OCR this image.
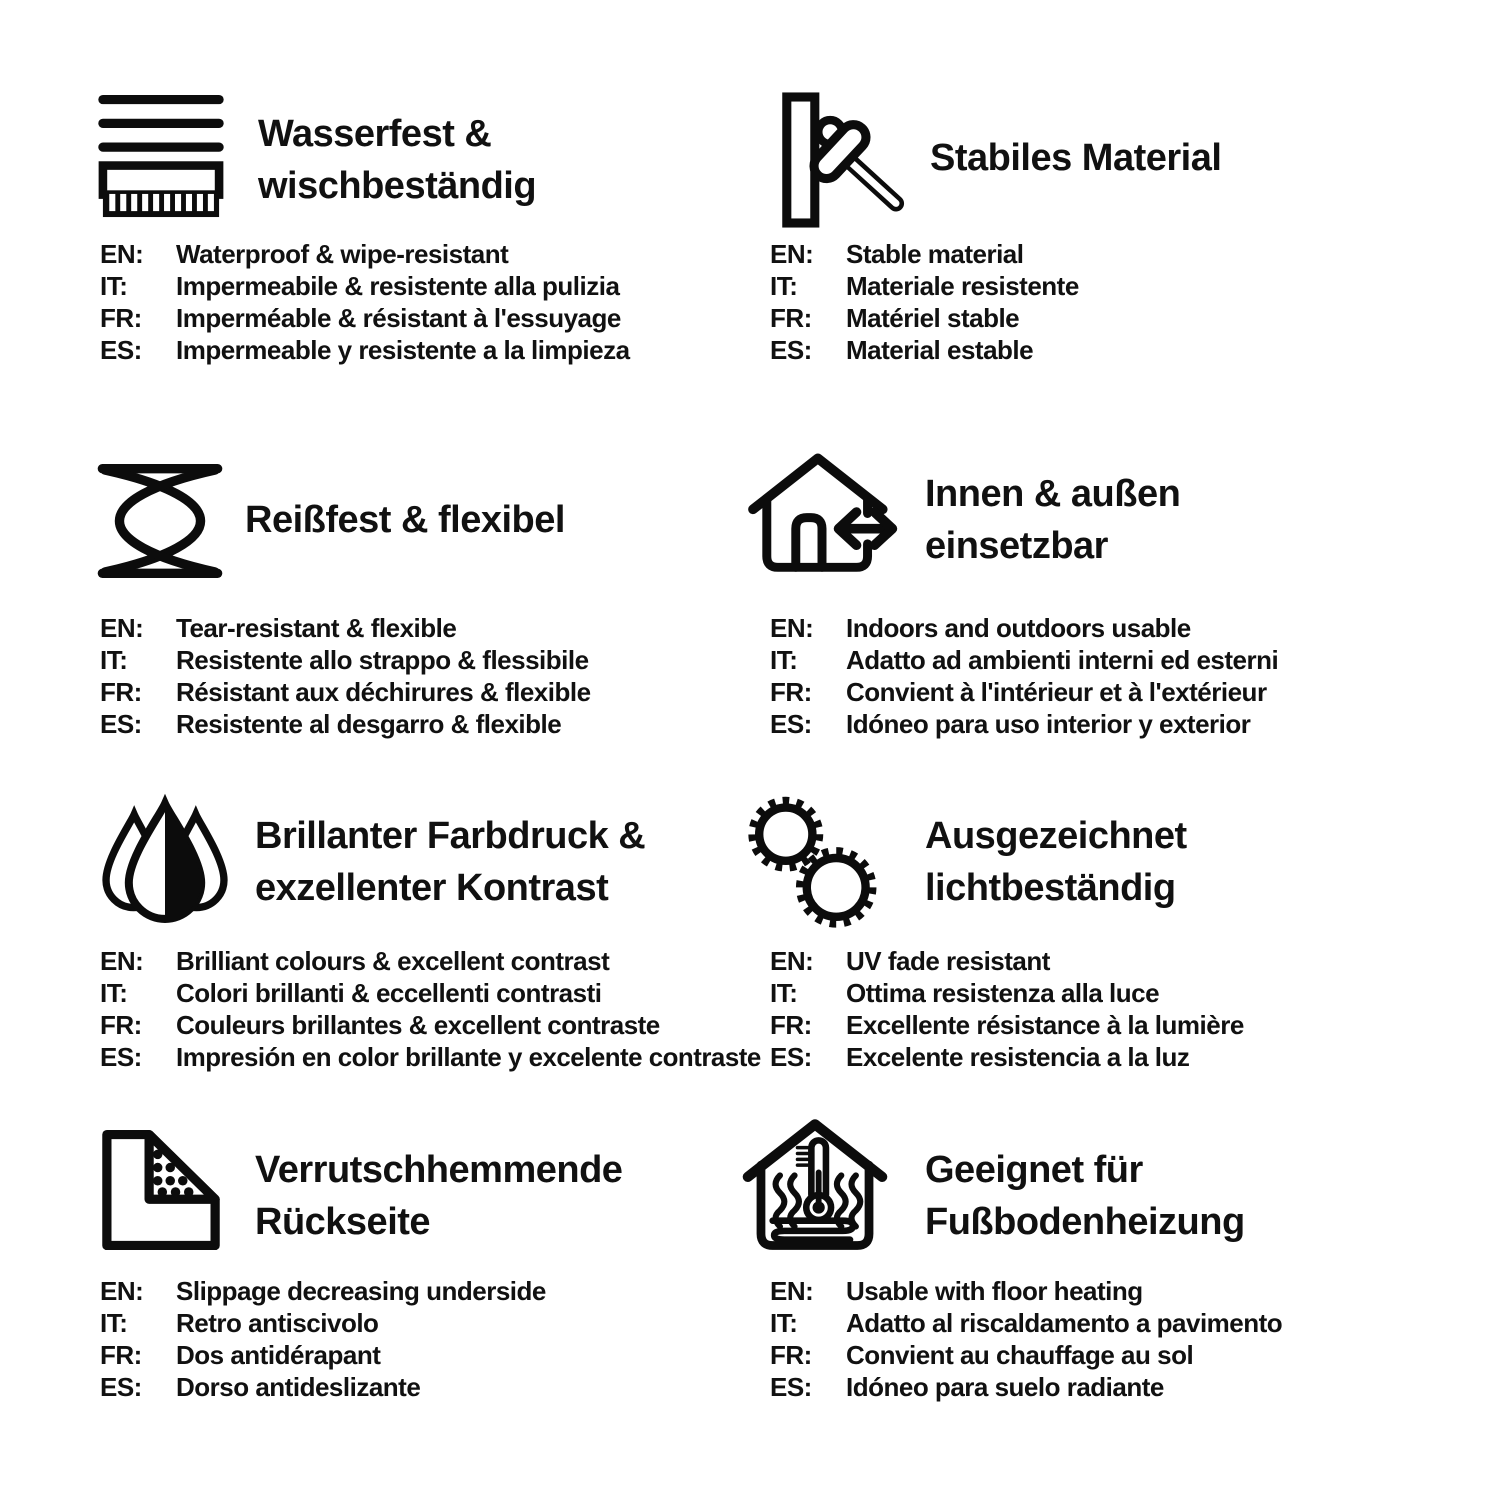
Wasserfest &
wischbeständig
EN:	Waterproof & wipe-resistant
IT:	Impermeabile & resistente alla pulizia
FR:	Imperméable & résistant à l'essuyage
ES:	Impermeable y resistente a la limpieza
Stabiles Material
EN:	Stable material
IT:	Materiale resistente
FR:	Matériel stable
ES:	Material estable
Reißfest & flexibel
EN:	Tear-resistant & flexible
IT:	Resistente allo strappo & flessibile
FR:	Résistant aux déchirures & flexible
ES:	Resistente al desgarro & flexible
Innen & außen
einsetzbar
EN:	Indoors and outdoors usable
IT:	Adatto ad ambienti interni ed esterni
FR:	Convient à l'intérieur et à l'extérieur
ES:	Idóneo para uso interior y exterior
Brillanter Farbdruck &
exzellenter Kontrast
EN:	Brilliant colours & excellent contrast
IT:	Colori brillanti & eccellenti contrasti
FR:	Couleurs brillantes & excellent contraste
ES:	Impresión en color brillante y excelente contraste
Ausgezeichnet
lichtbeständig
EN:	UV fade resistant
IT:	Ottima resistenza alla luce
FR:	Excellente résistance à la lumière
ES:	Excelente resistencia a la luz
Verrutschhemmende
Rückseite
EN:	Slippage decreasing underside
IT:	Retro antiscivolo
FR:	Dos antidérapant
ES:	Dorso antideslizante
Geeignet für
Fußbodenheizung
EN:	Usable with floor heating
IT:	Adatto al riscaldamento a pavimento
FR:	Convient au chauffage au sol
ES:	Idóneo para suelo radiante
